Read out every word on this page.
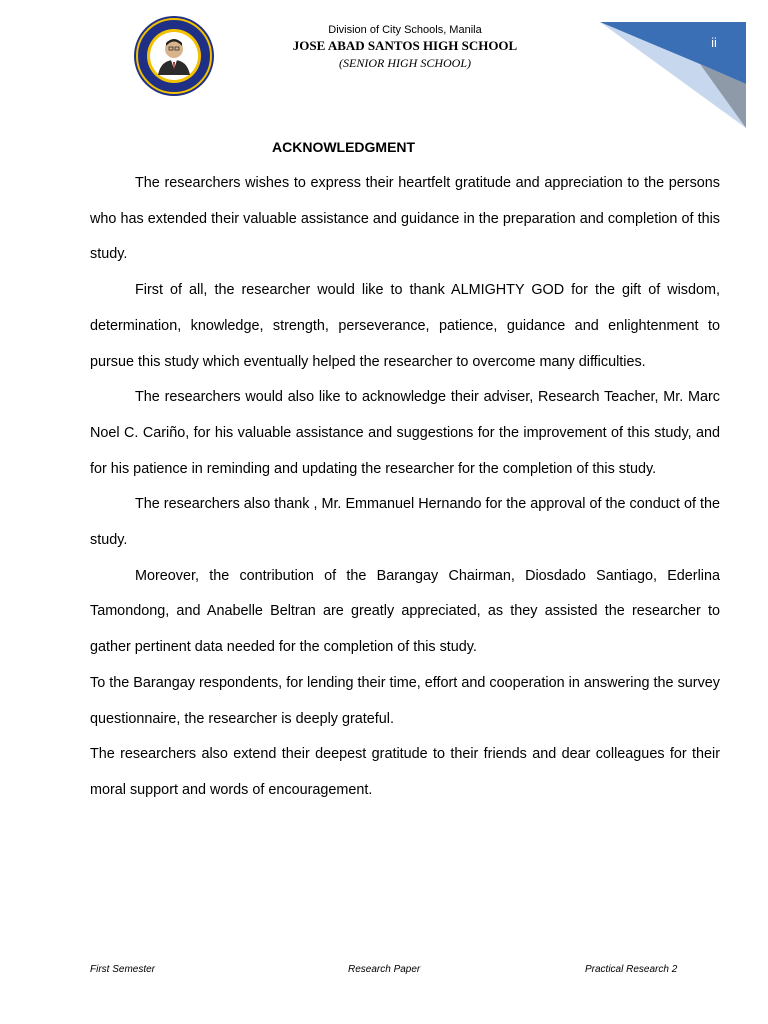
Division of City Schools, Manila
JOSE ABAD SANTOS HIGH SCHOOL
(SENIOR HIGH SCHOOL)
ii
ACKNOWLEDGMENT

The researchers wishes to express their heartfelt gratitude and appreciation to the persons who has extended their valuable assistance and guidance in the preparation and completion of this study.

First of all, the researcher would like to thank ALMIGHTY GOD for the gift of wisdom, determination, knowledge, strength, perseverance, patience, guidance and enlightenment to pursue this study which eventually helped the researcher to overcome many difficulties.

The researchers would also like to acknowledge their adviser, Research Teacher, Mr. Marc Noel C. Cariño, for his valuable assistance and suggestions for the improvement of this study, and for his patience in reminding and updating the researcher for the completion of this study.

The researchers also thank , Mr. Emmanuel Hernando for the approval of the conduct of the study.

Moreover, the contribution of the Barangay Chairman, Diosdado Santiago, Ederlina Tamondong, and Anabelle Beltran are greatly appreciated, as they assisted the researcher to gather pertinent data needed for the completion of this study.

To the Barangay respondents, for lending their time, effort and cooperation in answering the survey questionnaire, the researcher is deeply grateful.

The researchers also extend their deepest gratitude to their friends and dear colleagues for their moral support and words of encouragement.

First Semester	Research Paper	Practical Research 2
